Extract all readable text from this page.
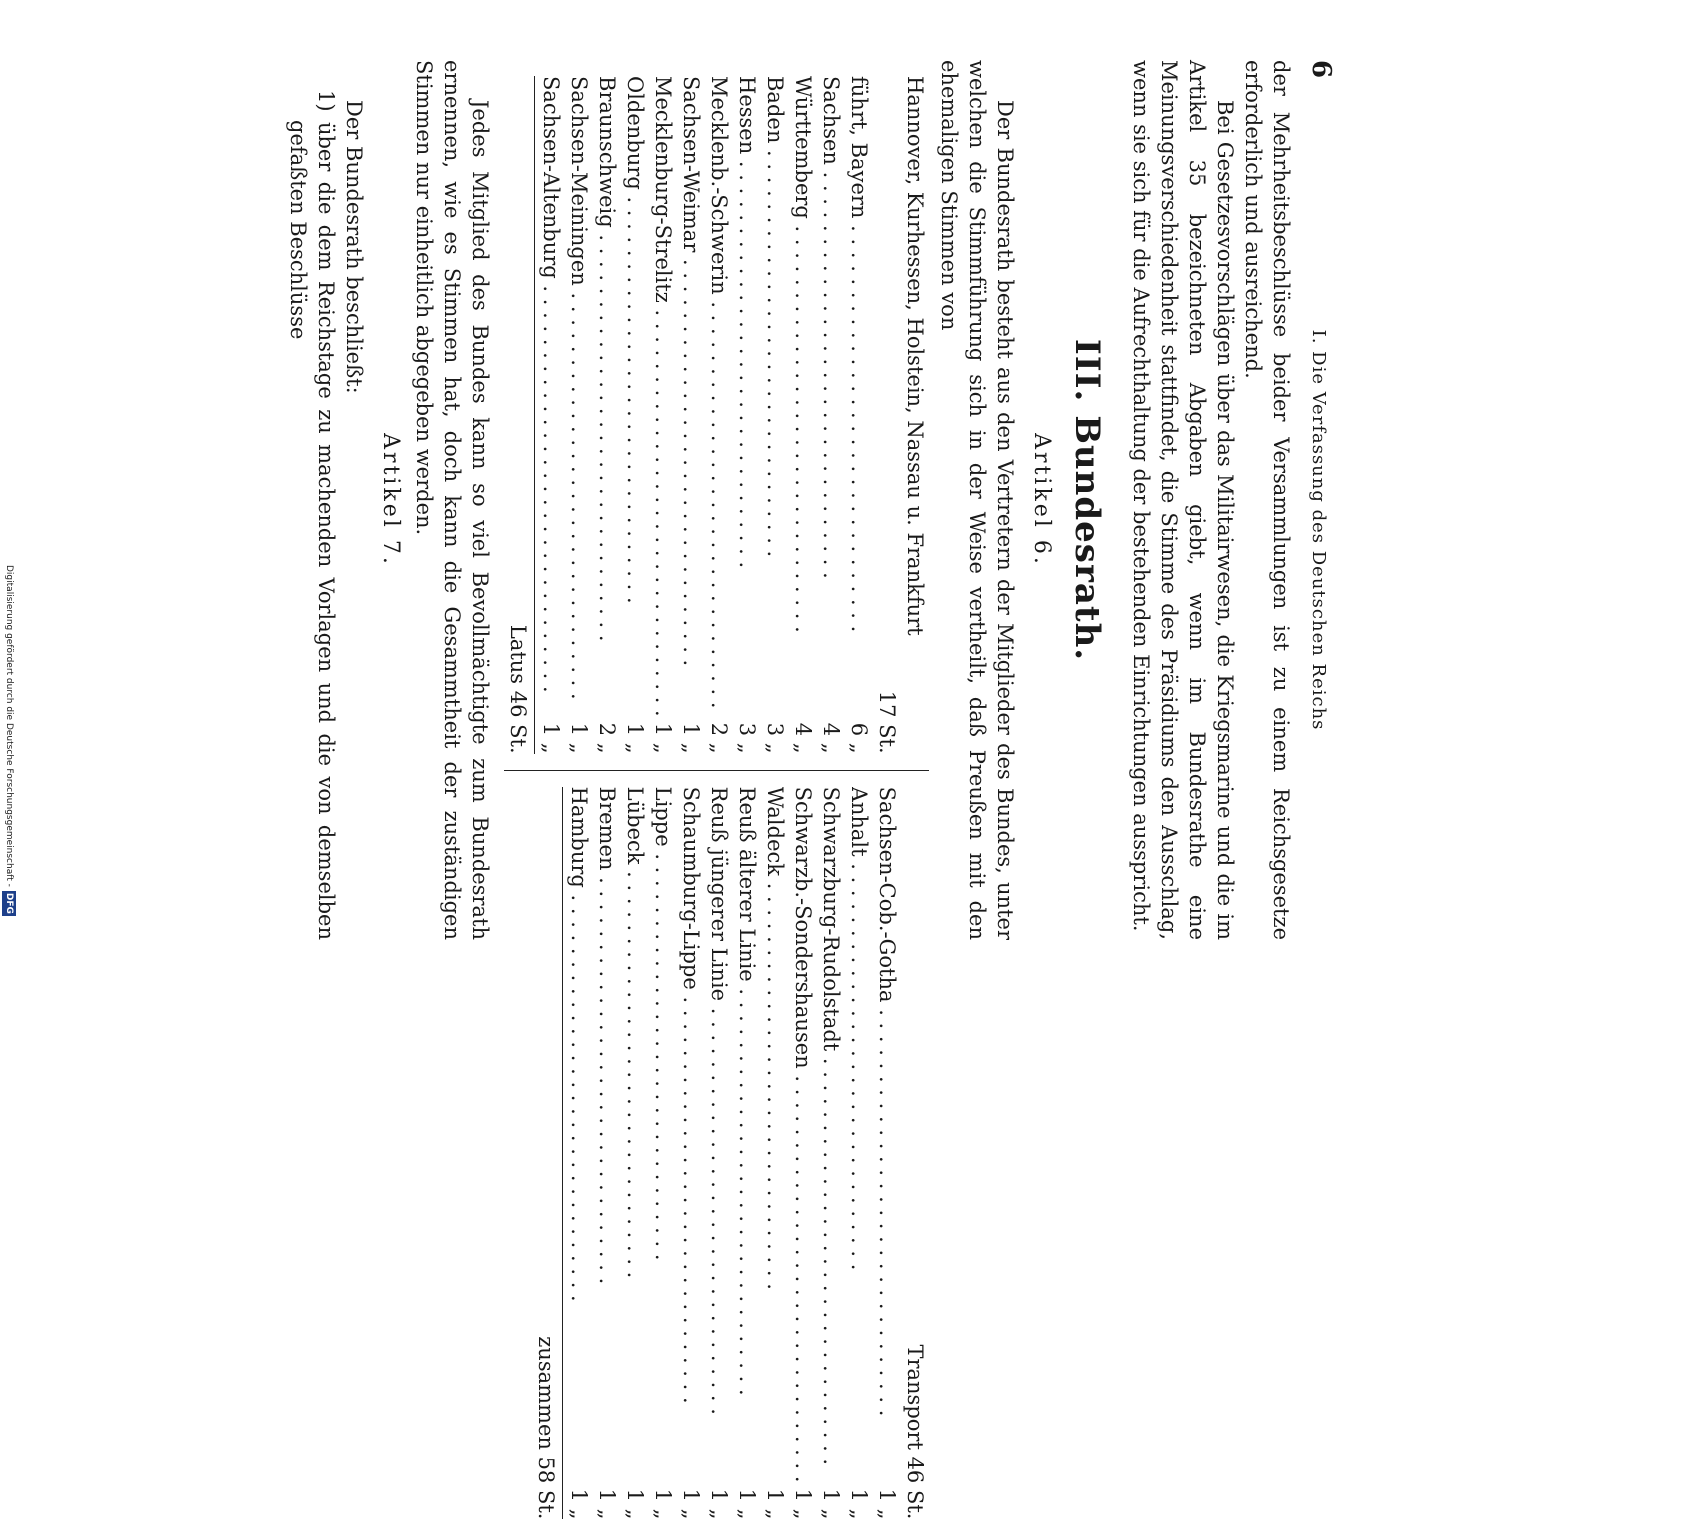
6
I. Die Verfassung des Deutschen Reichs

der Mehrheitsbeschlüsse beider Versammlungen ist zu einem Reichsgesetze erforderlich und ausreichend.

Bei Gesetzesvorschlägen über das Militairwesen, die Kriegsmarine und die im Artikel 35 bezeichneten Abgaben giebt, wenn im Bundesrathe eine Meinungsverschiedenheit stattfindet, die Stimme des Präsidiums den Ausschlag, wenn sie sich für die Aufrechthaltung der bestehenden Einrichtungen ausspricht.

III. Bundesrath.
Artikel 6.

Der Bundesrath besteht aus den Vertretern der Mitglieder des Bundes, unter welchen die Stimmführung sich in der Weise vertheilt, daß Preußen mit den ehemaligen Stimmen von

Hannover, Kurhessen, Holstein, Nassau u. Frankfurt
17 St.
führt, Bayern . . .
6 „
Sachsen . . .
4 „
Württemberg . . .
4 „
Baden . . .
3 „
Hessen . . .
3 „
Mecklenb.-Schwerin . . .
2 „
Sachsen-Weimar . . .
1 „
Mecklenburg-Strelitz . . .
1 „
Oldenburg . . .
1 „
Braunschweig . . .
2 „
Sachsen-Meiningen . . .
1 „
Sachsen-Altenburg . . .
1 „
Latus 46 St.
Transport 46 St.
Sachsen-Cob.-Gotha . . .
1 „
Anhalt . . .
1 „
Schwarzburg-Rudolstadt . . .
1 „
Schwarzb.-Sondershausen . . .
1 „
Waldeck . . .
1 „
Reuß älterer Linie . . .
1 „
Reuß jüngerer Linie . . .
1 „
Schaumburg-Lippe . . .
1 „
Lippe . . .
1 „
Lübeck . . .
1 „
Bremen . . .
1 „
Hamburg . . .
1 „
zusammen 58 St.

Jedes Mitglied des Bundes kann so viel Bevollmächtigte zum Bundesrath ernennen, wie es Stimmen hat, doch kann die Gesammtheit der zuständigen Stimmen nur einheitlich abgegeben werden.

Artikel 7.

Der Bundesrath beschließt:

1) über die dem Reichstage zu machenden Vorlagen und die von demselben gefaßten Beschlüsse

Digitalisierung gefördert durch die Deutsche Forschungsgemeinschaft -
DFG
